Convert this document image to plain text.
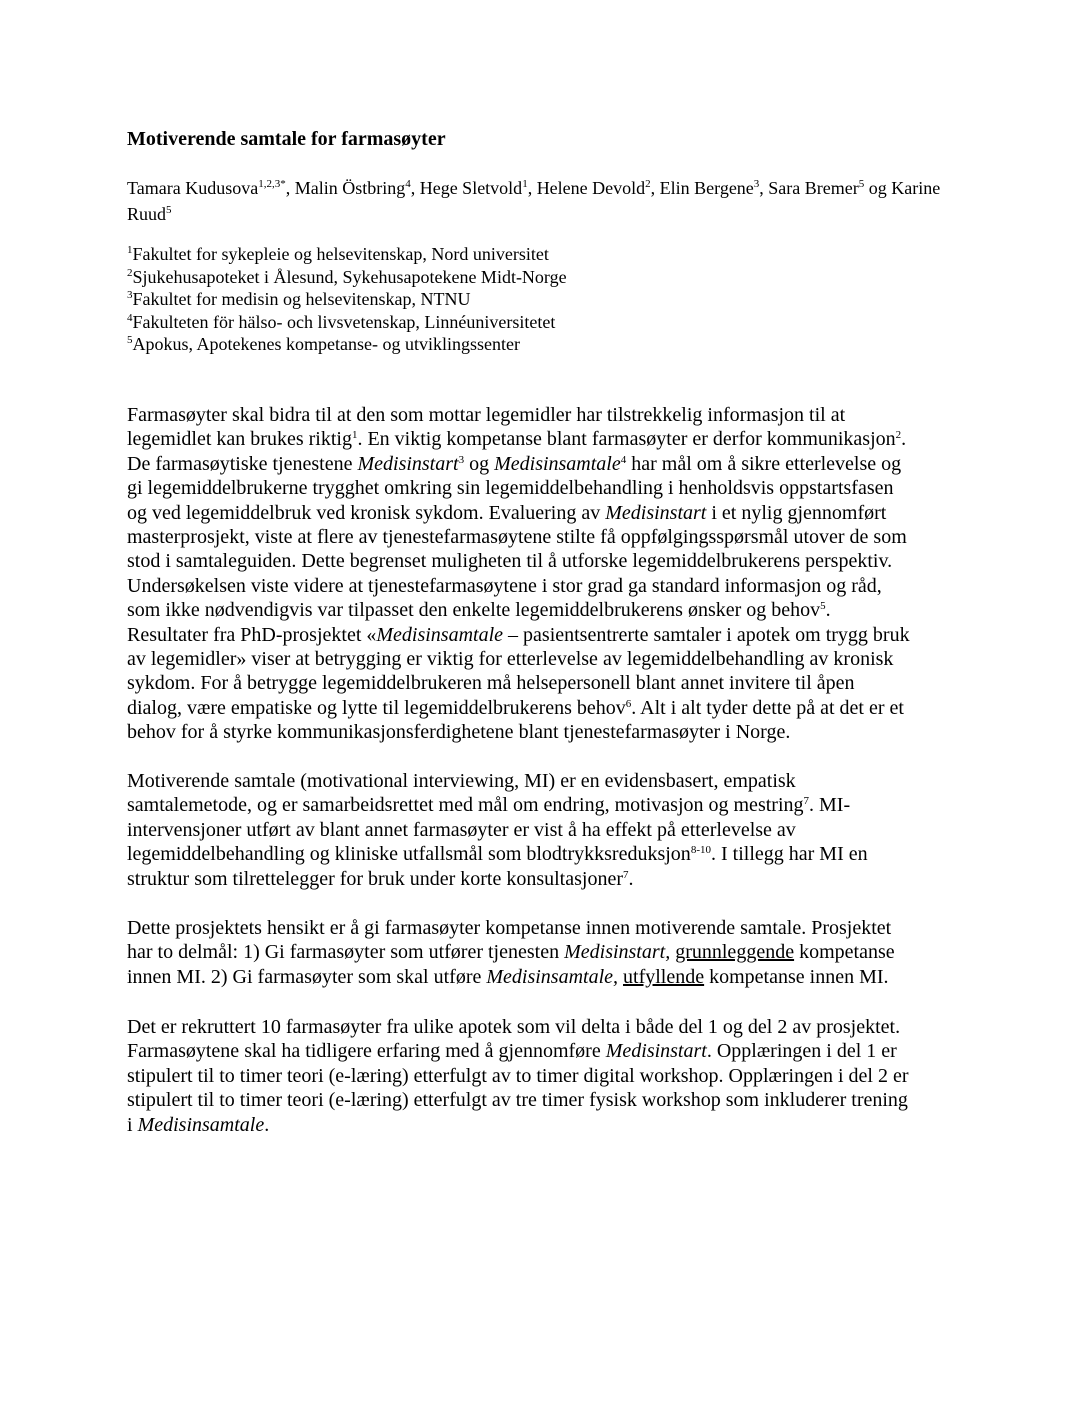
Motiverende samtale for farmasøyter
Tamara Kudusova$^{1,2,3*}$, Malin Östbring$^4$, Hege Sletvold$^1$, Helene Devold$^2$, Elin Bergene$^3$, Sara Bremer$^5$ og Karine Ruud$^5$
$^1$Fakultet for sykepleie og helsevitenskap, Nord universitet
$^2$Sjukehusapoteket i Ålesund, Sykehusapotekene Midt-Norge
$^3$Fakultet for medisin og helsevitenskap, NTNU
$^4$Fakulteten för hälso- och livsvetenskap, Linnéuniversitetet
$^5$Apokus, Apotekenes kompetanse- og utviklingssenter
Farmasøyter skal bidra til at den som mottar legemidler har tilstrekkelig informasjon til at
legemidlet kan brukes riktig$^1$. En viktig kompetanse blant farmasøyter er derfor kommunikasjon$^2$.
De farmasøytiske tjenestene Medisinstart$^3$ og Medisinsamtale$^4$ har mål om å sikre etterlevelse og
gi legemiddelbrukerne trygghet omkring sin legemiddelbehandling i henholdsvis oppstartsfasen
og ved legemiddelbruk ved kronisk sykdom. Evaluering av Medisinstart i et nylig gjennomført
masterprosjekt, viste at flere av tjenestefarmasøytene stilte få oppfølgingsspørsmål utover de som
stod i samtaleguiden. Dette begrenset muligheten til å utforske legemiddelbrukerens perspektiv.
Undersøkelsen viste videre at tjenestefarmasøytene i stor grad ga standard informasjon og råd,
som ikke nødvendigvis var tilpasset den enkelte legemiddelbrukerens ønsker og behov$^5$.
Resultater fra PhD-prosjektet «Medisinsamtale – pasientsentrerte samtaler i apotek om trygg bruk
av legemidler» viser at betrygging er viktig for etterlevelse av legemiddelbehandling av kronisk
sykdom. For å betrygge legemiddelbrukeren må helsepersonell blant annet invitere til åpen
dialog, være empatiske og lytte til legemiddelbrukerens behov$^6$. Alt i alt tyder dette på at det er et
behov for å styrke kommunikasjonsferdighetene blant tjenestefarmasøyter i Norge.
Motiverende samtale (motivational interviewing, MI) er en evidensbasert, empatisk
samtalemetode, og er samarbeidsrettet med mål om endring, motivasjon og mestring$^7$. MI-
intervensjoner utført av blant annet farmasøyter er vist å ha effekt på etterlevelse av
legemiddelbehandling og kliniske utfallsmål som blodtrykksreduksjon$^{8-10}$. I tillegg har MI en
struktur som tilrettelegger for bruk under korte konsultasjoner$^7$.
Dette prosjektets hensikt er å gi farmasøyter kompetanse innen motiverende samtale. Prosjektet
har to delmål: 1) Gi farmasøyter som utfører tjenesten Medisinstart, grunnleggende kompetanse
innen MI. 2) Gi farmasøyter som skal utføre Medisinsamtale, utfyllende kompetanse innen MI.
Det er rekruttert 10 farmasøyter fra ulike apotek som vil delta i både del 1 og del 2 av prosjektet.
Farmasøytene skal ha tidligere erfaring med å gjennomføre Medisinstart. Opplæringen i del 1 er
stipulert til to timer teori (e-læring) etterfulgt av to timer digital workshop. Opplæringen i del 2 er
stipulert til to timer teori (e-læring) etterfulgt av tre timer fysisk workshop som inkluderer trening
i Medisinsamtale.
